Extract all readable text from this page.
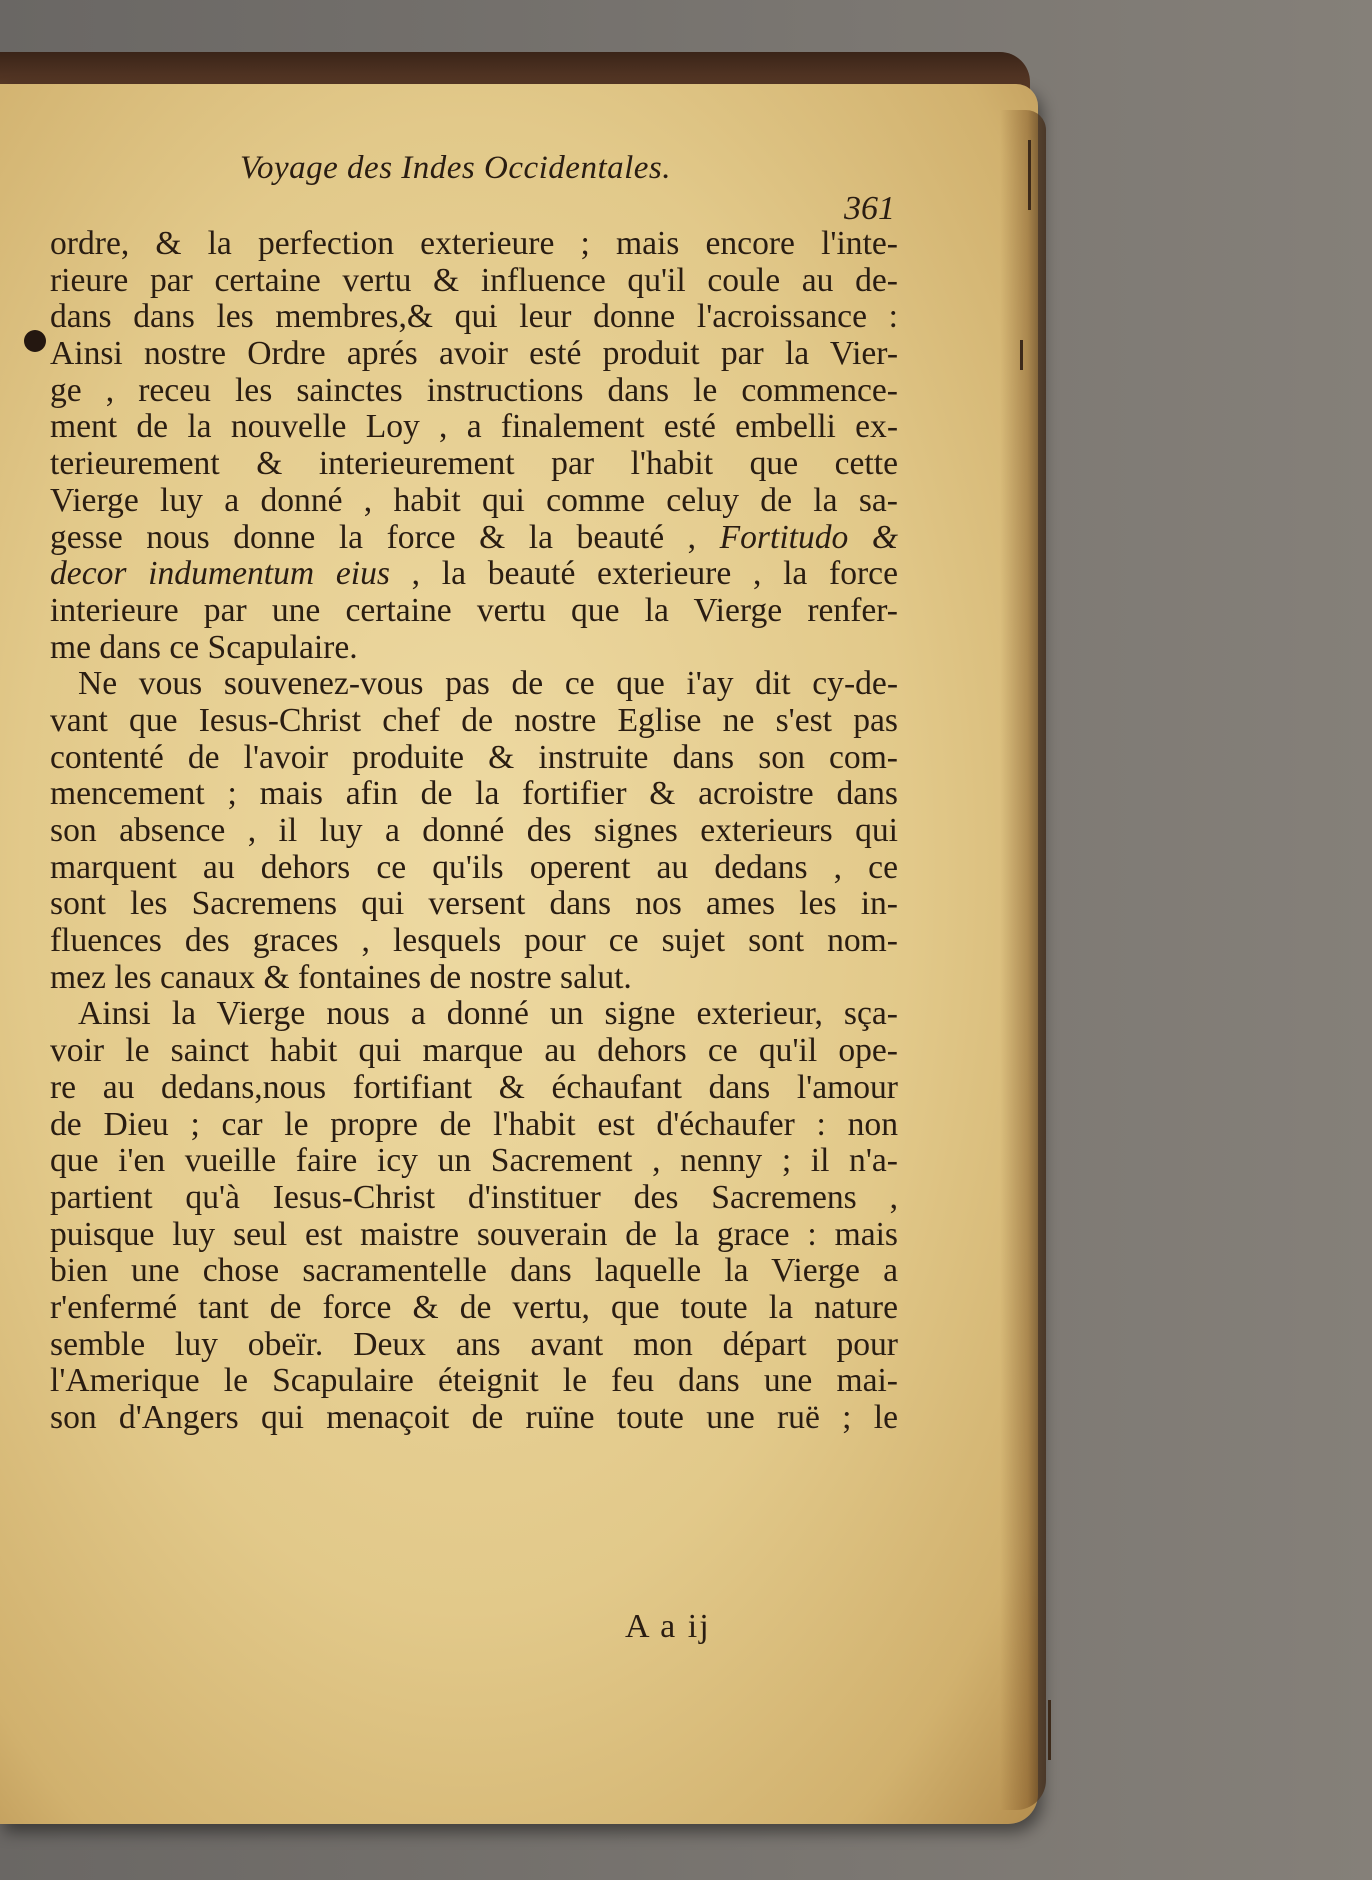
Voyage des Indes Occidentales.
361
ordre, & la perfection exterieure ; mais encore l'inte-
rieure par certaine vertu & influence qu'il coule au de-
dans dans les membres,& qui leur donne l'acroissance :
Ainsi nostre Ordre aprés avoir esté produit par la Vier-
ge , receu les sainctes instructions dans le commence-
ment de la nouvelle Loy , a finalement esté embelli ex-
terieurement & interieurement par l'habit que cette
Vierge luy a donné , habit qui comme celuy de la sa-
gesse nous donne la force & la beauté , Fortitudo &
decor indumentum eius , la beauté exterieure , la force
interieure par une certaine vertu que la Vierge renfer-
me dans ce Scapulaire.
Ne vous souvenez-vous pas de ce que i'ay dit cy-de-
vant que Iesus-Christ chef de nostre Eglise ne s'est pas
contenté de l'avoir produite & instruite dans son com-
mencement ; mais afin de la fortifier & acroistre dans
son absence , il luy a donné des signes exterieurs qui
marquent au dehors ce qu'ils operent au dedans , ce
sont les Sacremens qui versent dans nos ames les in-
fluences des graces , lesquels pour ce sujet sont nom-
mez les canaux & fontaines de nostre salut.
Ainsi la Vierge nous a donné un signe exterieur, sça-
voir le sainct habit qui marque au dehors ce qu'il ope-
re au dedans,nous fortifiant & échaufant dans l'amour
de Dieu ; car le propre de l'habit est d'échaufer : non
que i'en vueille faire icy un Sacrement , nenny ; il n'a-
partient qu'à Iesus-Christ d'instituer des Sacremens ,
puisque luy seul est maistre souverain de la grace : mais
bien une chose sacramentelle dans laquelle la Vierge a
r'enfermé tant de force & de vertu, que toute la nature
semble luy obeïr. Deux ans avant mon départ pour
l'Amerique le Scapulaire éteignit le feu dans une mai-
son d'Angers qui menaçoit de ruïne toute une ruë ; le
A a ij
